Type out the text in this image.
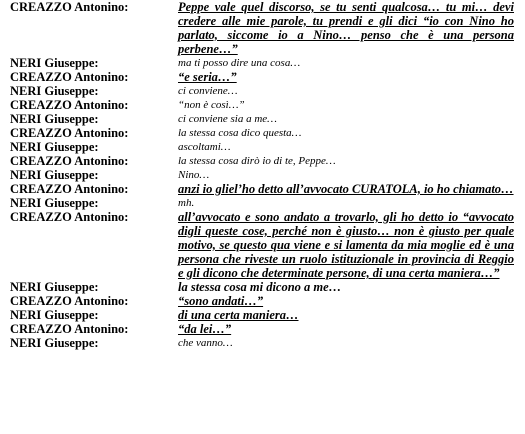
CREAZZO Antonino:	Peppe vale quel discorso, se tu senti qualcosa… tu mi… devi credere alle mie parole, tu prendi e gli dici “io con Nino ho parlato, siccome io a Nino… penso che è una persona perbene…”
NERI Giuseppe:	ma ti posso dire una cosa…
CREAZZO Antonino:	“e seria…”
NERI Giuseppe:	ci conviene…
CREAZZO Antonino:	“non è così…”
NERI Giuseppe:	ci conviene sia a me…
CREAZZO Antonino:	la stessa cosa dico questa…
NERI Giuseppe:	ascoltami…
CREAZZO Antonino:	la stessa cosa dirò io di te, Peppe…
NERI Giuseppe:	Nino…
CREAZZO Antonino:	anzi io glielʼho detto allʼavvocato CURATOLA, io ho chiamato…
NERI Giuseppe:	mh.
CREAZZO Antonino:	allʼavvocato e sono andato a trovarlo, gli ho detto io “avvocato digli queste cose, perché non è giusto… non è giusto per quale motivo, se questo qua viene e si lamenta da mia moglie ed è una persona che riveste un ruolo istituzionale in provincia di Reggio e gli dicono che determinate persone, di una certa maniera…”
NERI Giuseppe:	la stessa cosa mi dicono a me…
CREAZZO Antonino:	“sono andati…”
NERI Giuseppe:	di una certa maniera…
CREAZZO Antonino:	“da lei…”
NERI Giuseppe:	che vanno…
